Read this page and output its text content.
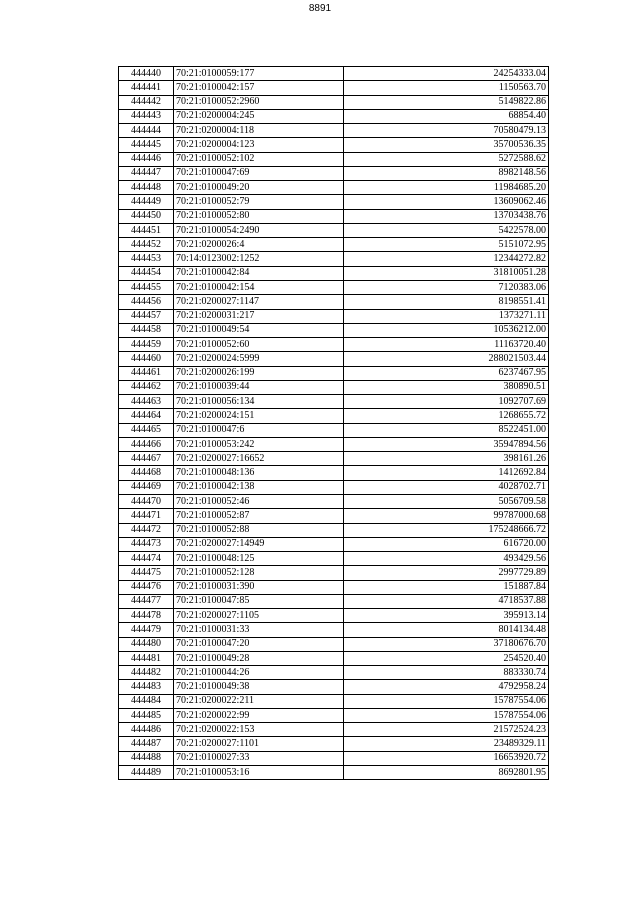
8891
444440	70:21:0100059:177	24254333.04
444441	70:21:0100042:157	1150563.70
444442	70:21:0100052:2960	5149822.86
444443	70:21:0200004:245	68854.40
444444	70:21:0200004:118	70580479.13
444445	70:21:0200004:123	35700536.35
444446	70:21:0100052:102	5272588.62
444447	70:21:0100047:69	8982148.56
444448	70:21:0100049:20	11984685.20
444449	70:21:0100052:79	13609062.46
444450	70:21:0100052:80	13703438.76
444451	70:21:0100054:2490	5422578.00
444452	70:21:0200026:4	5151072.95
444453	70:14:0123002:1252	12344272.82
444454	70:21:0100042:84	31810051.28
444455	70:21:0100042:154	7120383.06
444456	70:21:0200027:1147	8198551.41
444457	70:21:0200031:217	1373271.11
444458	70:21:0100049:54	10536212.00
444459	70:21:0100052:60	11163720.40
444460	70:21:0200024:5999	288021503.44
444461	70:21:0200026:199	6237467.95
444462	70:21:0100039:44	380890.51
444463	70:21:0100056:134	1092707.69
444464	70:21:0200024:151	1268655.72
444465	70:21:0100047:6	8522451.00
444466	70:21:0100053:242	35947894.56
444467	70:21:0200027:16652	398161.26
444468	70:21:0100048:136	1412692.84
444469	70:21:0100042:138	4028702.71
444470	70:21:0100052:46	5056709.58
444471	70:21:0100052:87	99787000.68
444472	70:21:0100052:88	175248666.72
444473	70:21:0200027:14949	616720.00
444474	70:21:0100048:125	493429.56
444475	70:21:0100052:128	2997729.89
444476	70:21:0100031:390	151887.84
444477	70:21:0100047:85	4718537.88
444478	70:21:0200027:1105	395913.14
444479	70:21:0100031:33	8014134.48
444480	70:21:0100047:20	37180676.70
444481	70:21:0100049:28	254520.40
444482	70:21:0100044:26	883330.74
444483	70:21:0100049:38	4792958.24
444484	70:21:0200022:211	15787554.06
444485	70:21:0200022:99	15787554.06
444486	70:21:0200022:153	21572524.23
444487	70:21:0200027:1101	23489329.11
444488	70:21:0100027:33	16653920.72
444489	70:21:0100053:16	8692801.95
